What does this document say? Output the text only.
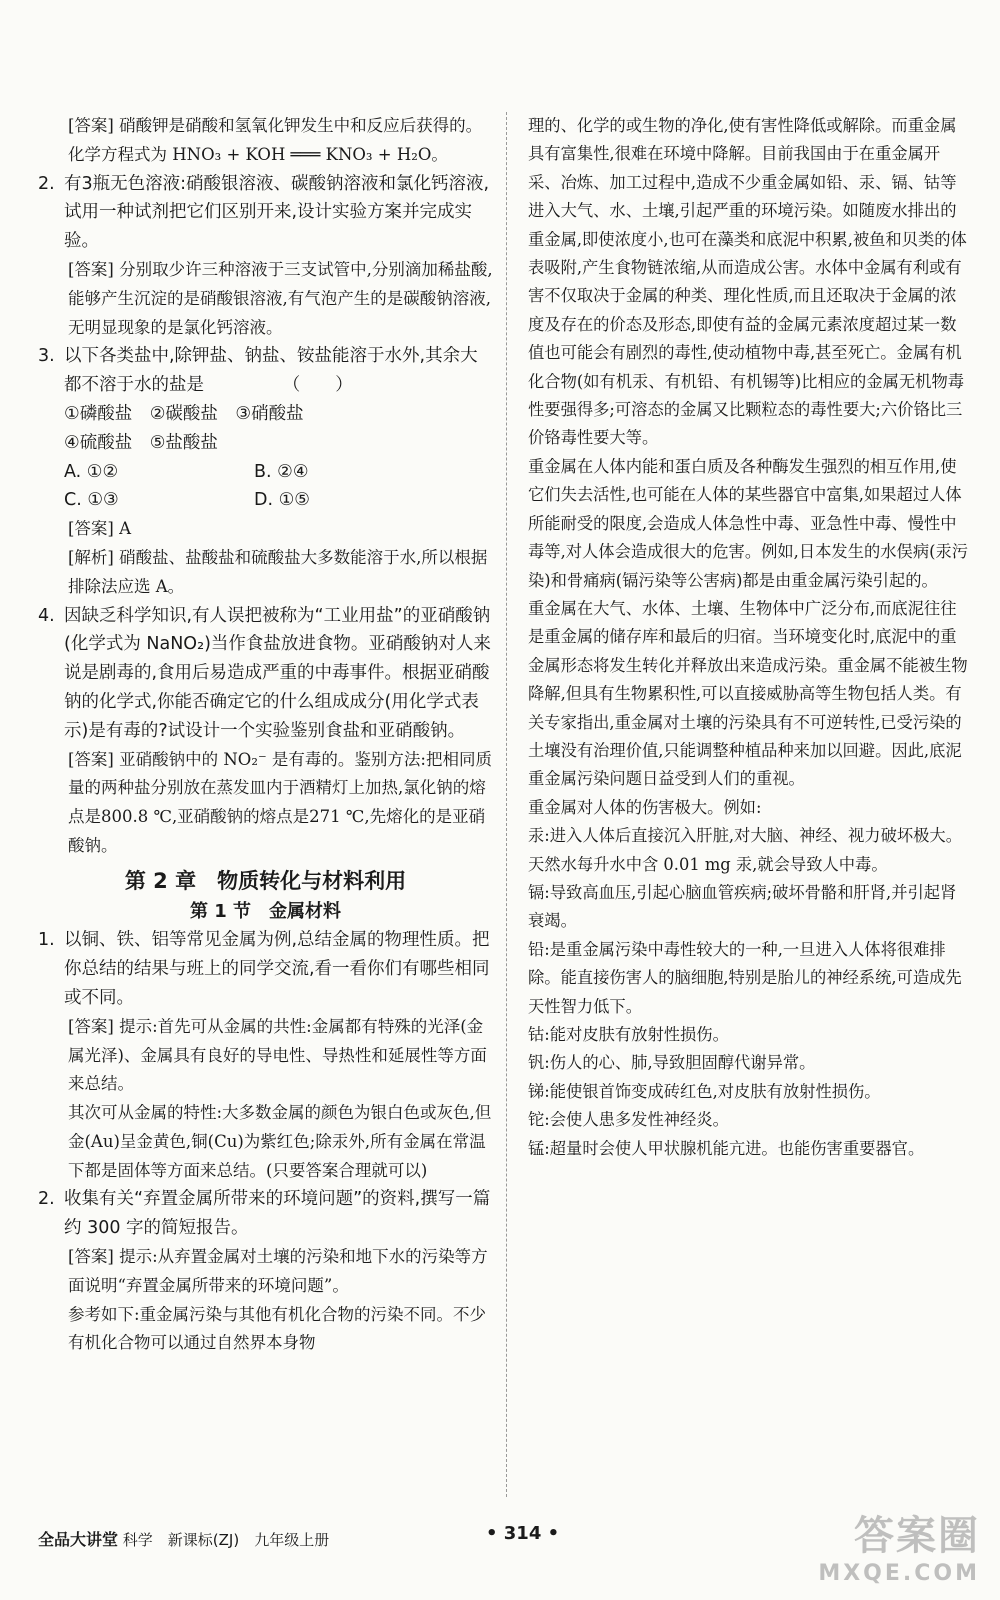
[答案] 硝酸钾是硝酸和氢氧化钾发生中和反应后获得的。化学方程式为 HNO₃ + KOH ═══ KNO₃ + H₂O。

2. 有3瓶无色溶液:硝酸银溶液、碳酸钠溶液和氯化钙溶液,试用一种试剂把它们区别开来,设计实验方案并完成实验。

[答案] 分别取少许三种溶液于三支试管中,分别滴加稀盐酸,能够产生沉淀的是硝酸银溶液,有气泡产生的是碳酸钠溶液,无明显现象的是氯化钙溶液。

3. 以下各类盐中,除钾盐、钠盐、铵盐能溶于水外,其余大都不溶于水的盐是　　　　　（　　）

①磷酸盐　②碳酸盐　③硝酸盐

④硫酸盐　⑤盐酸盐

A. ①②	B. ②④
C. ①③	D. ①⑤

[答案] A

[解析] 硝酸盐、盐酸盐和硫酸盐大多数能溶于水,所以根据排除法应选 A。

4. 因缺乏科学知识,有人误把被称为“工业用盐”的亚硝酸钠(化学式为 NaNO₂)当作食盐放进食物。亚硝酸钠对人来说是剧毒的,食用后易造成严重的中毒事件。根据亚硝酸钠的化学式,你能否确定它的什么组成成分(用化学式表示)是有毒的?试设计一个实验鉴别食盐和亚硝酸钠。

[答案] 亚硝酸钠中的 NO₂⁻ 是有毒的。鉴别方法:把相同质量的两种盐分别放在蒸发皿内于酒精灯上加热,氯化钠的熔点是800.8 ℃,亚硝酸钠的熔点是271 ℃,先熔化的是亚硝酸钠。

第 2 章　物质转化与材料利用

第 1 节　金属材料

1. 以铜、铁、铝等常见金属为例,总结金属的物理性质。把你总结的结果与班上的同学交流,看一看你们有哪些相同或不同。

[答案] 提示:首先可从金属的共性:金属都有特殊的光泽(金属光泽)、金属具有良好的导电性、导热性和延展性等方面来总结。

其次可从金属的特性:大多数金属的颜色为银白色或灰色,但金(Au)呈金黄色,铜(Cu)为紫红色;除汞外,所有金属在常温下都是固体等方面来总结。(只要答案合理就可以)

2. 收集有关“弃置金属所带来的环境问题”的资料,撰写一篇约 300 字的简短报告。

[答案] 提示:从弃置金属对土壤的污染和地下水的污染等方面说明“弃置金属所带来的环境问题”。

参考如下:重金属污染与其他有机化合物的污染不同。不少有机化合物可以通过自然界本身物

理的、化学的或生物的净化,使有害性降低或解除。而重金属具有富集性,很难在环境中降解。目前我国由于在重金属开采、冶炼、加工过程中,造成不少重金属如铅、汞、镉、钴等进入大气、水、土壤,引起严重的环境污染。如随废水排出的重金属,即使浓度小,也可在藻类和底泥中积累,被鱼和贝类的体表吸附,产生食物链浓缩,从而造成公害。水体中金属有利或有害不仅取决于金属的种类、理化性质,而且还取决于金属的浓度及存在的价态及形态,即使有益的金属元素浓度超过某一数值也可能会有剧烈的毒性,使动植物中毒,甚至死亡。金属有机化合物(如有机汞、有机铅、有机锡等)比相应的金属无机物毒性要强得多;可溶态的金属又比颗粒态的毒性要大;六价铬比三价铬毒性要大等。

重金属在人体内能和蛋白质及各种酶发生强烈的相互作用,使它们失去活性,也可能在人体的某些器官中富集,如果超过人体所能耐受的限度,会造成人体急性中毒、亚急性中毒、慢性中毒等,对人体会造成很大的危害。例如,日本发生的水俣病(汞污染)和骨痛病(镉污染等公害病)都是由重金属污染引起的。

重金属在大气、水体、土壤、生物体中广泛分布,而底泥往往是重金属的储存库和最后的归宿。当环境变化时,底泥中的重金属形态将发生转化并释放出来造成污染。重金属不能被生物降解,但具有生物累积性,可以直接威胁高等生物包括人类。有关专家指出,重金属对土壤的污染具有不可逆转性,已受污染的土壤没有治理价值,只能调整种植品种来加以回避。因此,底泥重金属污染问题日益受到人们的重视。

重金属对人体的伤害极大。例如:

汞:进入人体后直接沉入肝脏,对大脑、神经、视力破坏极大。天然水每升水中含 0.01 mg 汞,就会导致人中毒。

镉:导致高血压,引起心脑血管疾病;破坏骨骼和肝肾,并引起肾衰竭。

铅:是重金属污染中毒性较大的一种,一旦进入人体将很难排除。能直接伤害人的脑细胞,特别是胎儿的神经系统,可造成先天性智力低下。

钴:能对皮肤有放射性损伤。

钒:伤人的心、肺,导致胆固醇代谢异常。

锑:能使银首饰变成砖红色,对皮肤有放射性损伤。

铊:会使人患多发性神经炎。

锰:超量时会使人甲状腺机能亢进。也能伤害重要器官。

全品大讲堂 科学　新课标(ZJ)　九年级上册	• 314 •	答案圈
MXQE.COM
